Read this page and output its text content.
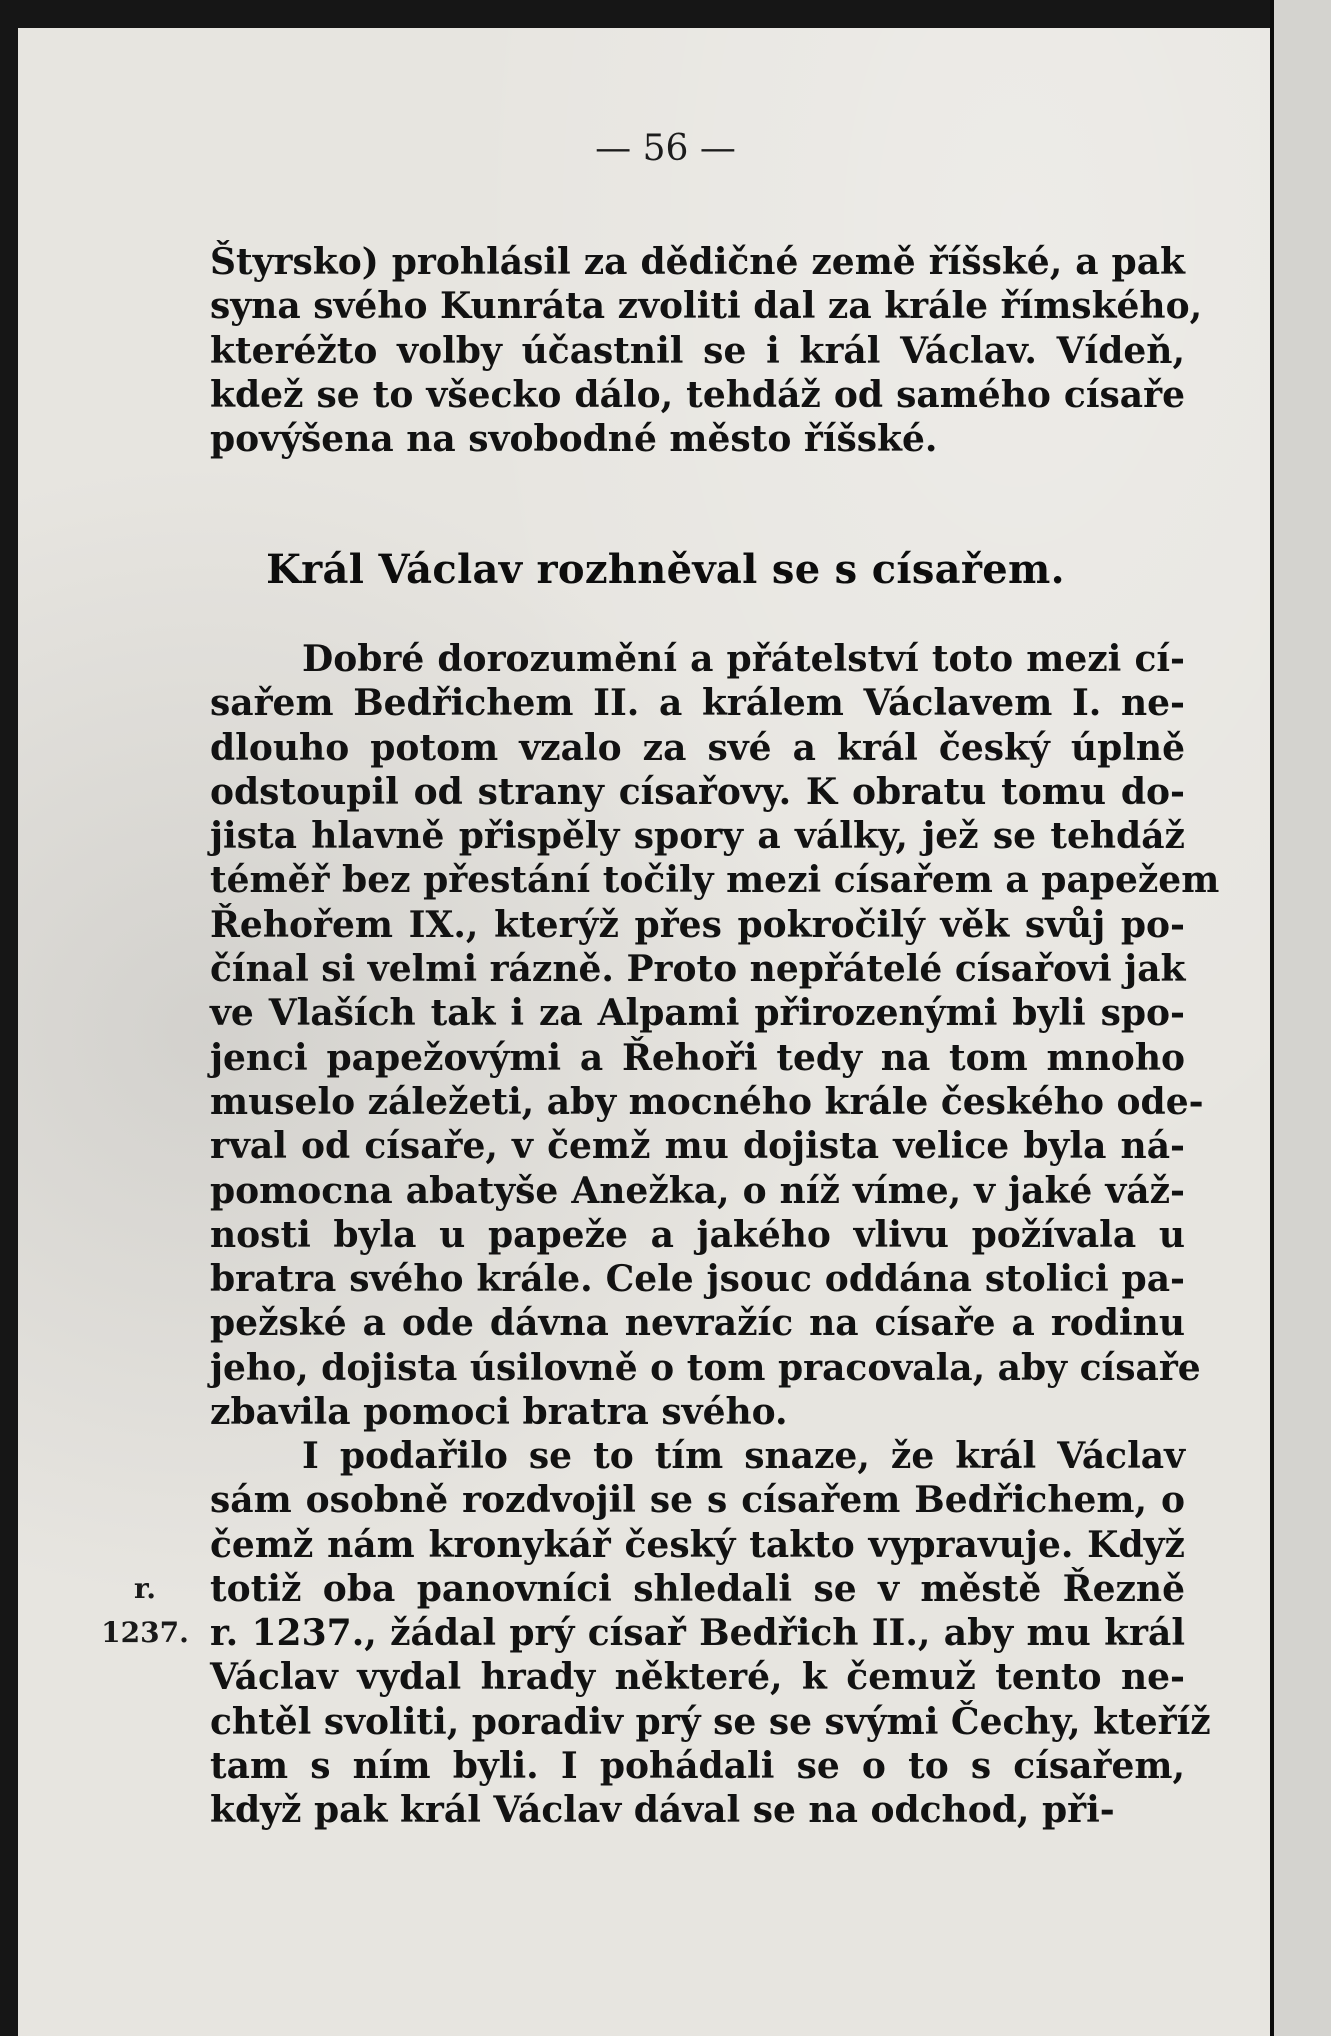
— 56 —
Štyrsko) prohlásil za dědičné země říšské, a pak
syna svého Kunráta zvoliti dal za krále římského,
kteréžto volby účastnil se i král Václav. Vídeň,
kdež se to všecko dálo, tehdáž od samého císaře
povýšena na svobodné město říšské.
Král Václav rozhněval se s císařem.
Dobré dorozumění a přátelství toto mezi cí-
sařem Bedřichem II. a králem Václavem I. ne-
dlouho potom vzalo za své a král český úplně
odstoupil od strany císařovy. K obratu tomu do-
jista hlavně přispěly spory a války, jež se tehdáž
téměř bez přestání točily mezi císařem a papežem
Řehořem IX., kterýž přes pokročilý věk svůj po-
čínal si velmi rázně. Proto nepřátelé císařovi jak
ve Vlaších tak i za Alpami přirozenými byli spo-
jenci papežovými a Řehoři tedy na tom mnoho
muselo záležeti, aby mocného krále českého ode-
rval od císaře, v čemž mu dojista velice byla ná-
pomocna abatyše Anežka, o níž víme, v jaké váž-
nosti byla u papeže a jakého vlivu požívala u
bratra svého krále. Cele jsouc oddána stolici pa-
pežské a ode dávna nevražíc na císaře a rodinu
jeho, dojista úsilovně o tom pracovala, aby císaře
zbavila pomoci bratra svého.
I podařilo se to tím snaze, že král Václav
sám osobně rozdvojil se s císařem Bedřichem, o
čemž nám kronykář český takto vypravuje. Když
totiž oba panovníci shledali se v městě Řezně
r. 1237., žádal prý císař Bedřich II., aby mu král
Václav vydal hrady některé, k čemuž tento ne-
chtěl svoliti, poradiv prý se se svými Čechy, kteříž
tam s ním byli. I pohádali se o to s císařem,
když pak král Václav dával se na odchod, při-
r.
1237.
